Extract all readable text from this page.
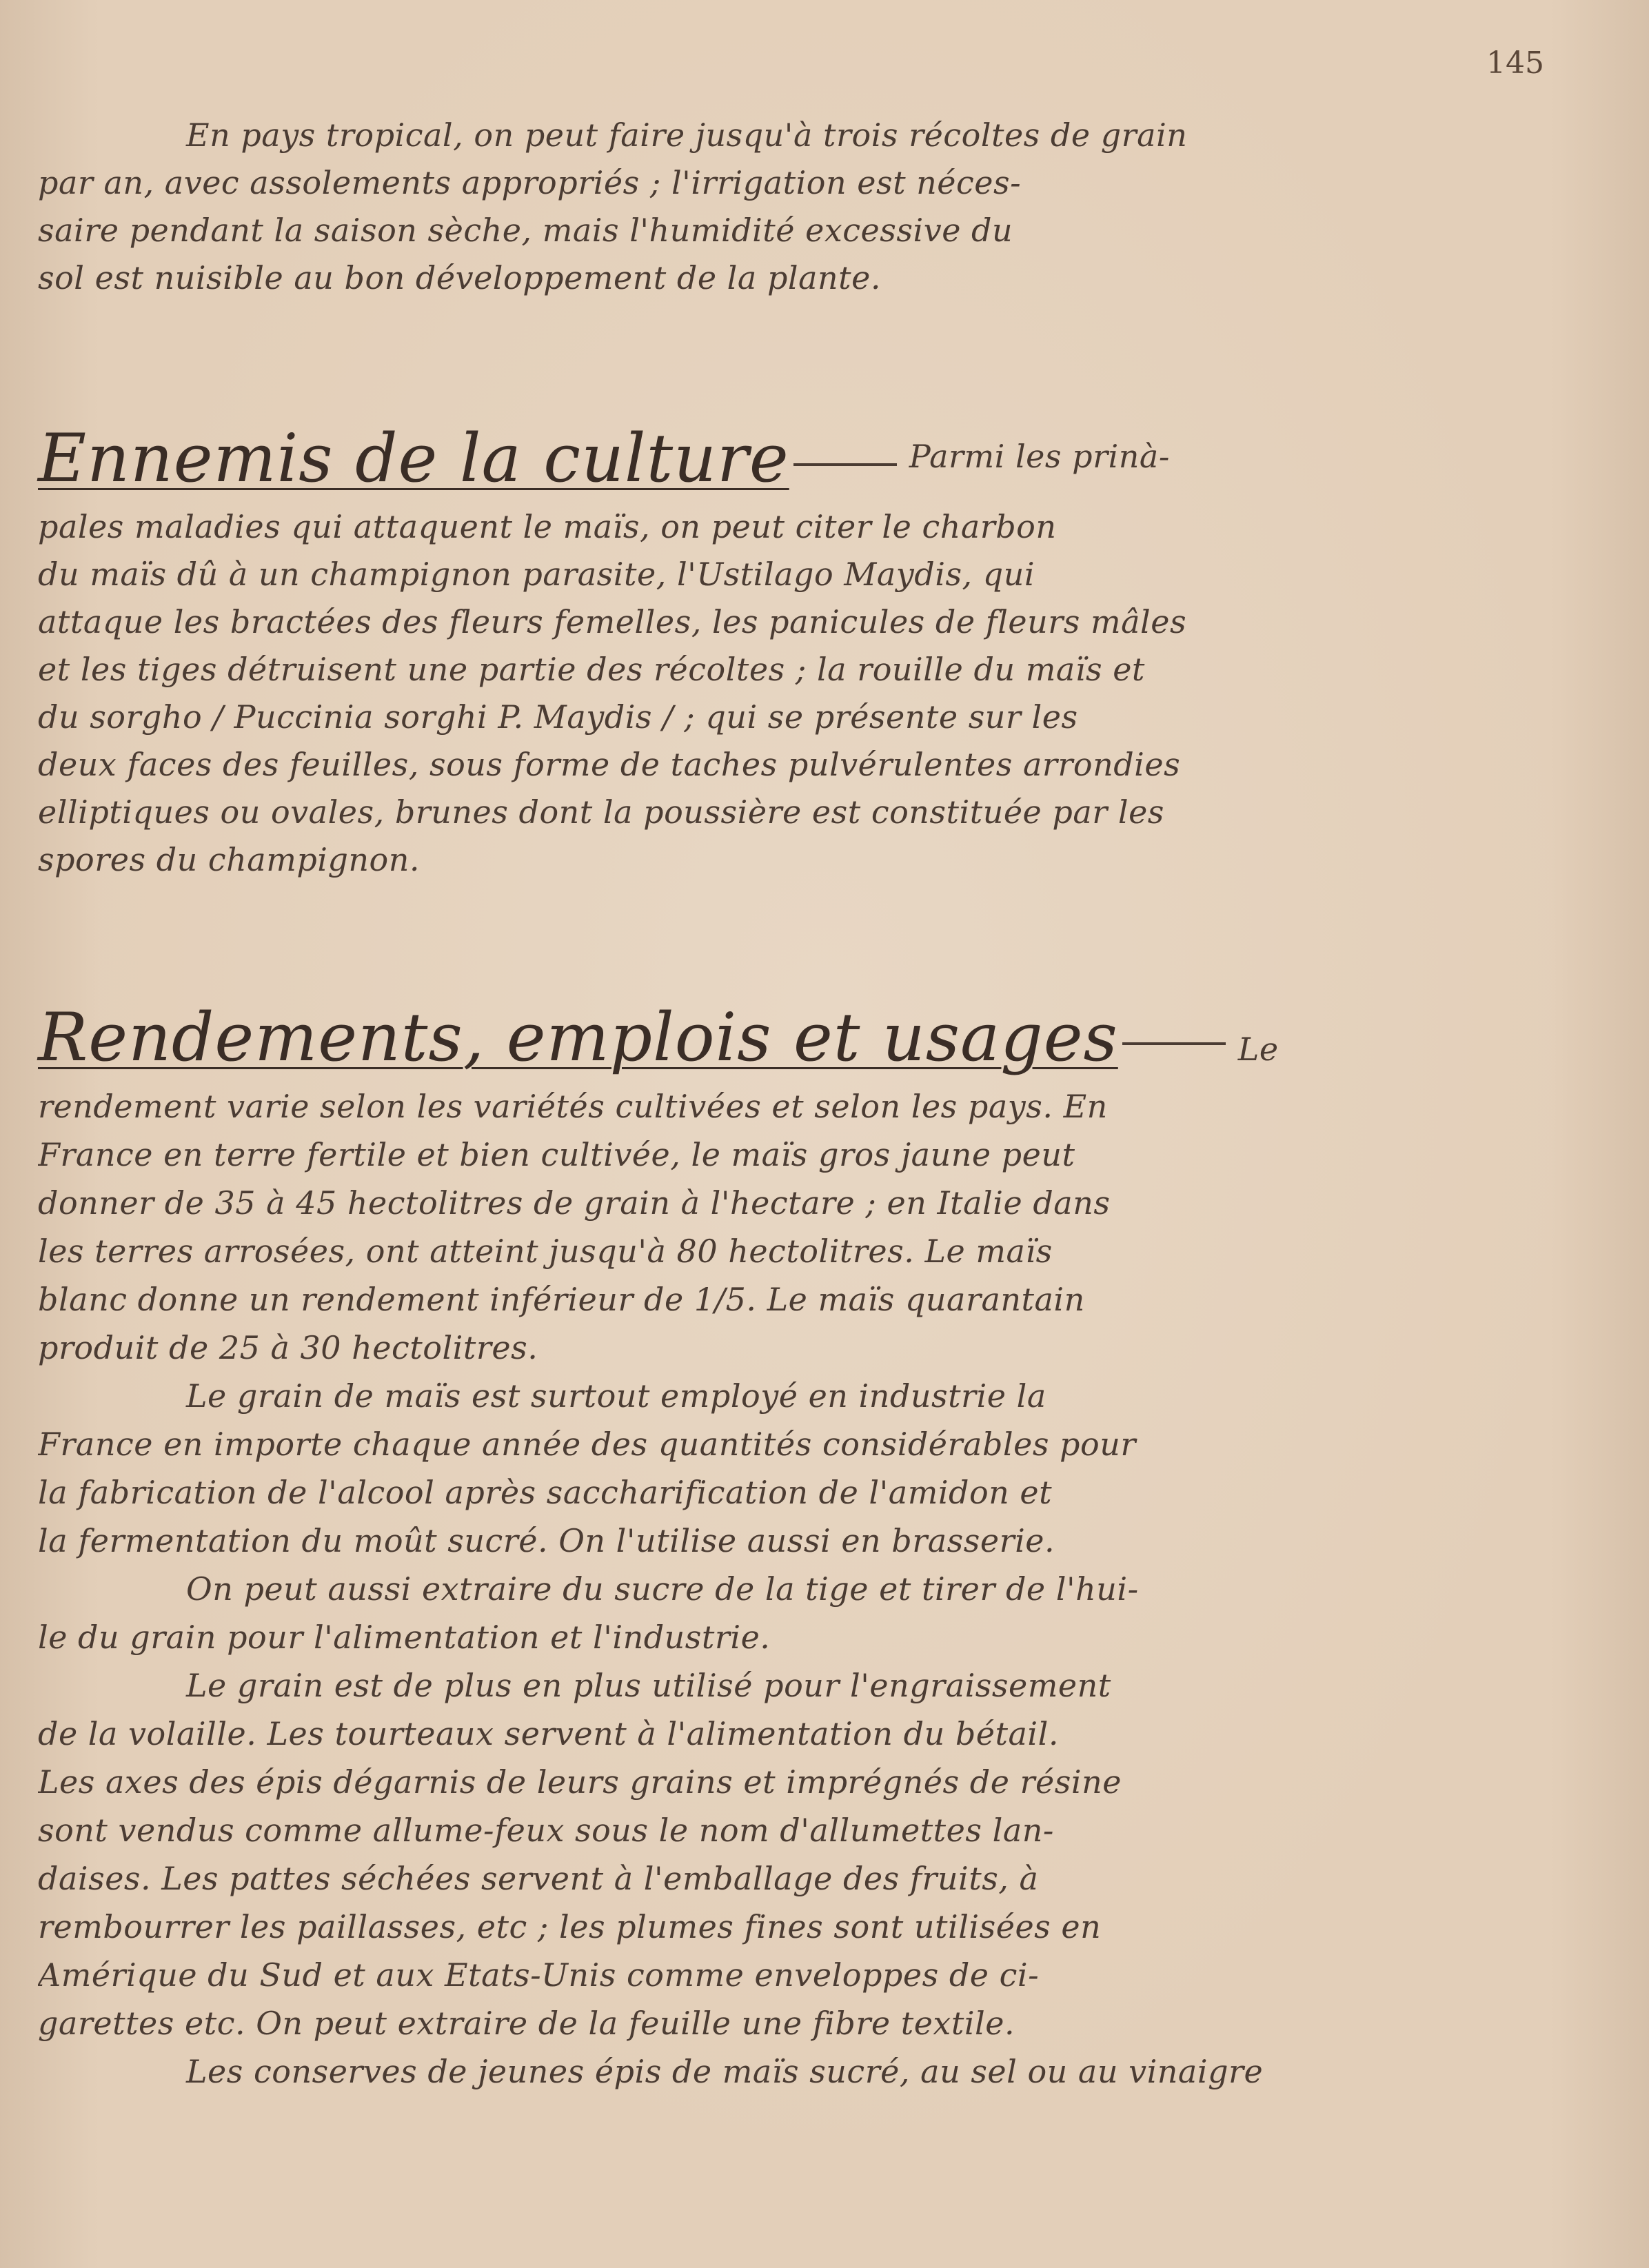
145
En pays tropical, on peut faire jusqu'à trois récoltes de grain
par an, avec assolements appropriés ; l'irrigation est néces-
saire pendant la saison sèche, mais l'humidité excessive du
sol est nuisible au bon développement de la plante.
Ennemis de la culture	Parmi les prinà-
pales maladies qui attaquent le maïs, on peut citer le charbon
du maïs dû à un champignon parasite, l'Ustilago Maydis, qui
attaque les bractées des fleurs femelles, les panicules de fleurs mâles
et les tiges détruisent une partie des récoltes ; la rouille du maïs et
du sorgho / Puccinia sorghi P. Maydis / ; qui se présente sur les
deux faces des feuilles, sous forme de taches pulvérulentes arrondies
elliptiques ou ovales, brunes dont la poussière est constituée par les
spores du champignon.
Rendements, emplois et usages	Le
rendement varie selon les variétés cultivées et selon les pays. En
France en terre fertile et bien cultivée, le maïs gros jaune peut
donner de 35 à 45 hectolitres de grain à l'hectare ; en Italie dans
les terres arrosées, ont atteint jusqu'à 80 hectolitres. Le maïs
blanc donne un rendement inférieur de 1/5. Le maïs quarantain
produit de 25 à 30 hectolitres.
Le grain de maïs est surtout employé en industrie la
France en importe chaque année des quantités considérables pour
la fabrication de l'alcool après saccharification de l'amidon et
la fermentation du moût sucré. On l'utilise aussi en brasserie.
On peut aussi extraire du sucre de la tige et tirer de l'hui-
le du grain pour l'alimentation et l'industrie.
Le grain est de plus en plus utilisé pour l'engraissement
de la volaille. Les tourteaux servent à l'alimentation du bétail.
Les axes des épis dégarnis de leurs grains et imprégnés de résine
sont vendus comme allume-feux sous le nom d'allumettes lan-
daises. Les pattes séchées servent à l'emballage des fruits, à
rembourrer les paillasses, etc ; les plumes fines sont utilisées en
Amérique du Sud et aux Etats-Unis comme enveloppes de ci-
garettes etc. On peut extraire de la feuille une fibre textile.
Les conserves de jeunes épis de maïs sucré, au sel ou au vinaigre
